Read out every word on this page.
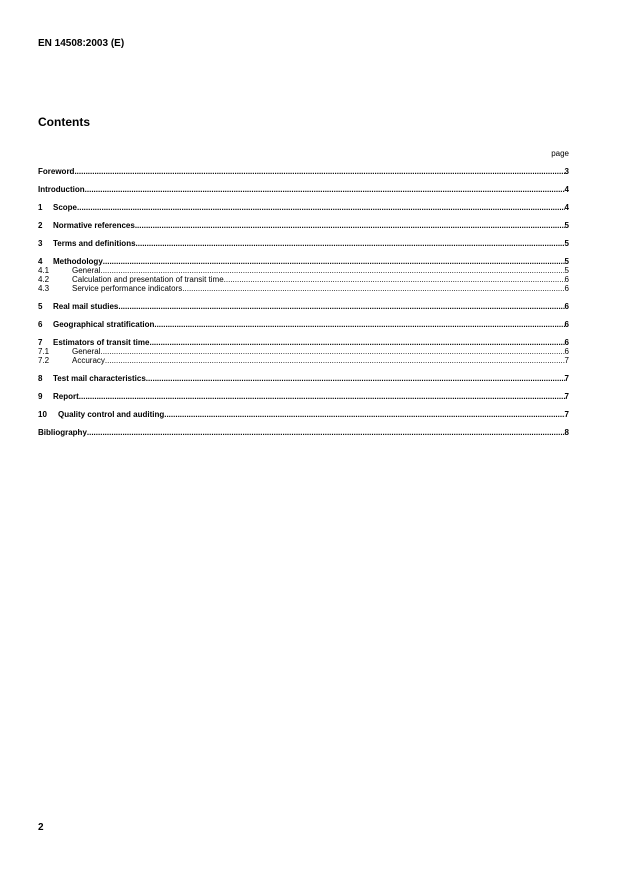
EN 14508:2003 (E)
Contents
page
Foreword .....	3
Introduction .....	4
1	Scope .....	4
2	Normative references .....	5
3	Terms and definitions .....	5
4	Methodology .....	5
4.1	General .....	5
4.2	Calculation and presentation of transit time .....	6
4.3	Service performance indicators .....	6
5	Real mail studies .....	6
6	Geographical stratification .....	6
7	Estimators of transit time .....	6
7.1	General .....	6
7.2	Accuracy .....	7
8	Test mail characteristics .....	7
9	Report .....	7
10	Quality control and auditing .....	7
Bibliography .....	8
2
